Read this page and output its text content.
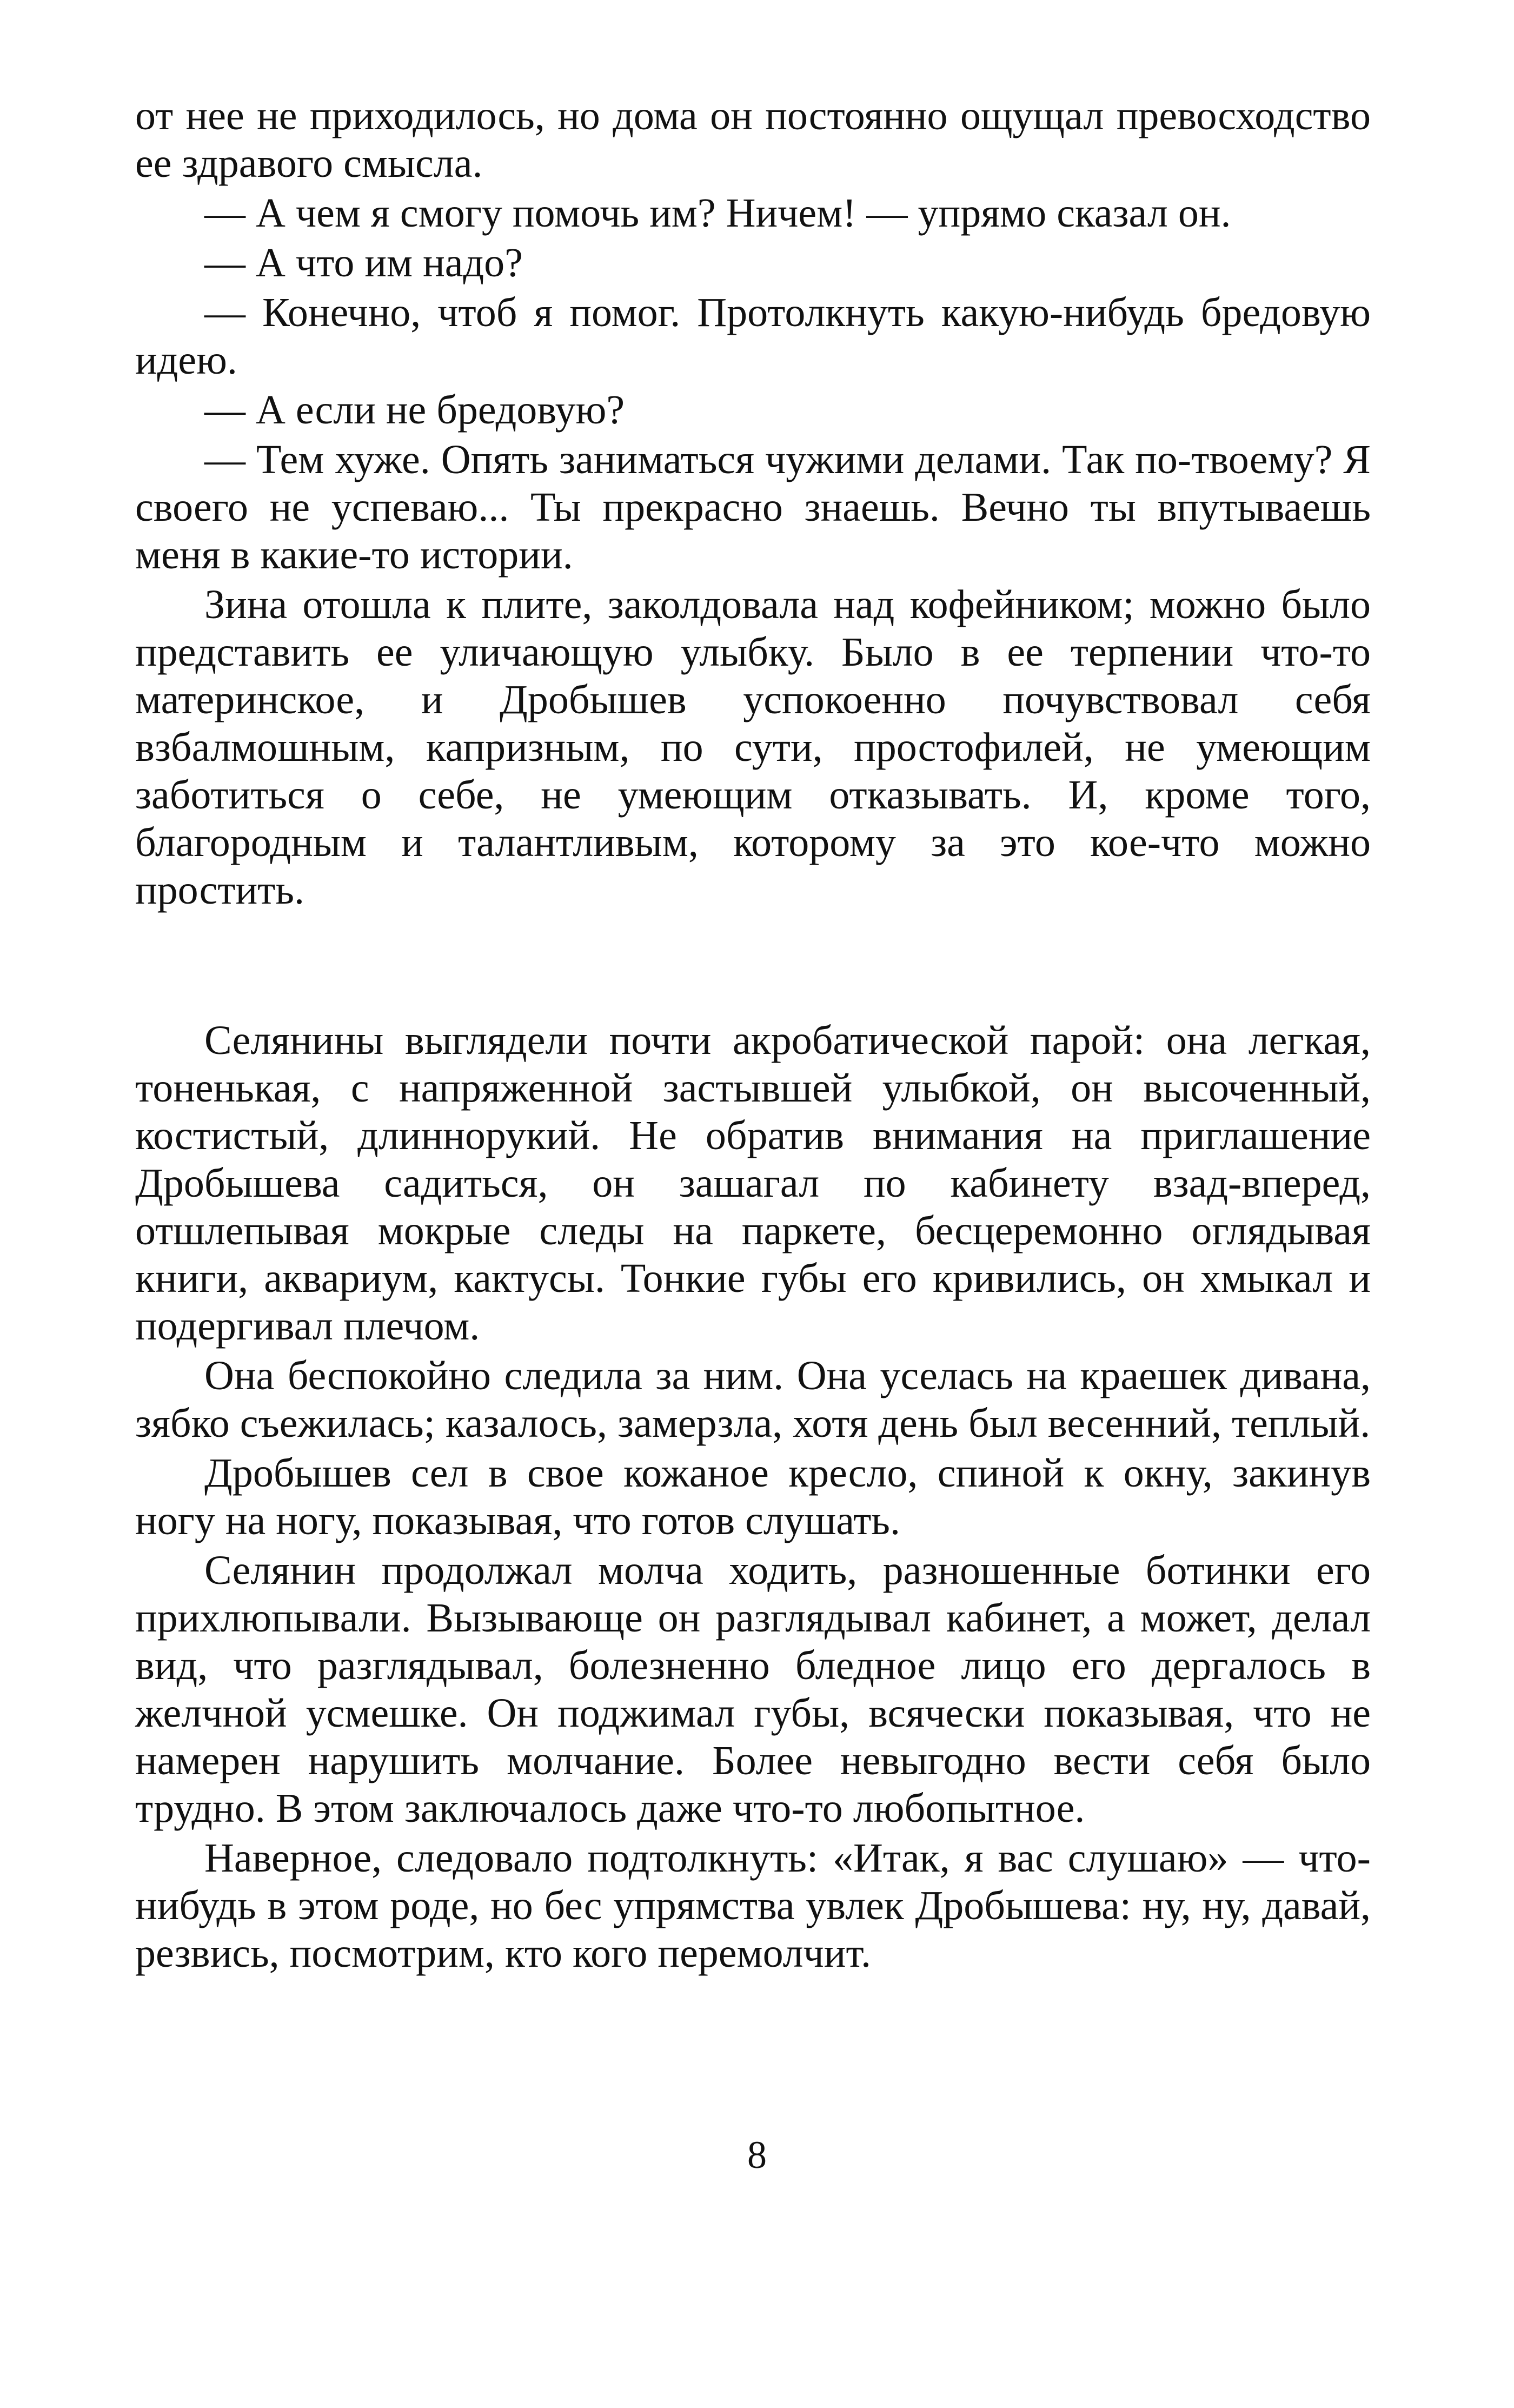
от нее не приходилось, но дома он постоянно ощущал превосходство ее здравого смысла.

— А чем я смогу помочь им? Ничем! — упрямо сказал он.

— А что им надо?

— Конечно, чтоб я помог. Протолкнуть какую-нибудь бредовую идею.

— А если не бредовую?

— Тем хуже. Опять заниматься чужими делами. Так по-твоему? Я своего не успеваю... Ты прекрасно знаешь. Вечно ты впутываешь меня в какие-то истории.

Зина отошла к плите, заколдовала над кофейником; можно было представить ее уличающую улыбку. Было в ее терпении что-то материнское, и Дробышев успокоенно почувствовал себя взбалмошным, капризным, по сути, простофилей, не умеющим заботиться о себе, не умеющим отказывать. И, кроме того, благородным и талантливым, которому за это кое-что можно простить.

Селянины выглядели почти акробатической парой: она легкая, тоненькая, с напряженной застывшей улыбкой, он высоченный, костистый, длиннорукий. Не обратив внимания на приглашение Дробышева садиться, он зашагал по кабинету взад-вперед, отшлепывая мокрые следы на паркете, бесцеремонно оглядывая книги, аквариум, кактусы. Тонкие губы его кривились, он хмыкал и подергивал плечом.

Она беспокойно следила за ним. Она уселась на краешек дивана, зябко съежилась; казалось, замерзла, хотя день был весенний, теплый.

Дробышев сел в свое кожаное кресло, спиной к окну, закинув ногу на ногу, показывая, что готов слушать.

Селянин продолжал молча ходить, разношенные ботинки его прихлюпывали. Вызывающе он разглядывал кабинет, а может, делал вид, что разглядывал, болезненно бледное лицо его дергалось в желчной усмешке. Он поджимал губы, всячески показывая, что не намерен нарушить молчание. Более невыгодно вести себя было трудно. В этом заключалось даже что-то любопытное.

Наверное, следовало подтолкнуть: «Итак, я вас слушаю» — что-нибудь в этом роде, но бес упрямства увлек Дробышева: ну, ну, давай, резвись, посмотрим, кто кого перемолчит.

8
